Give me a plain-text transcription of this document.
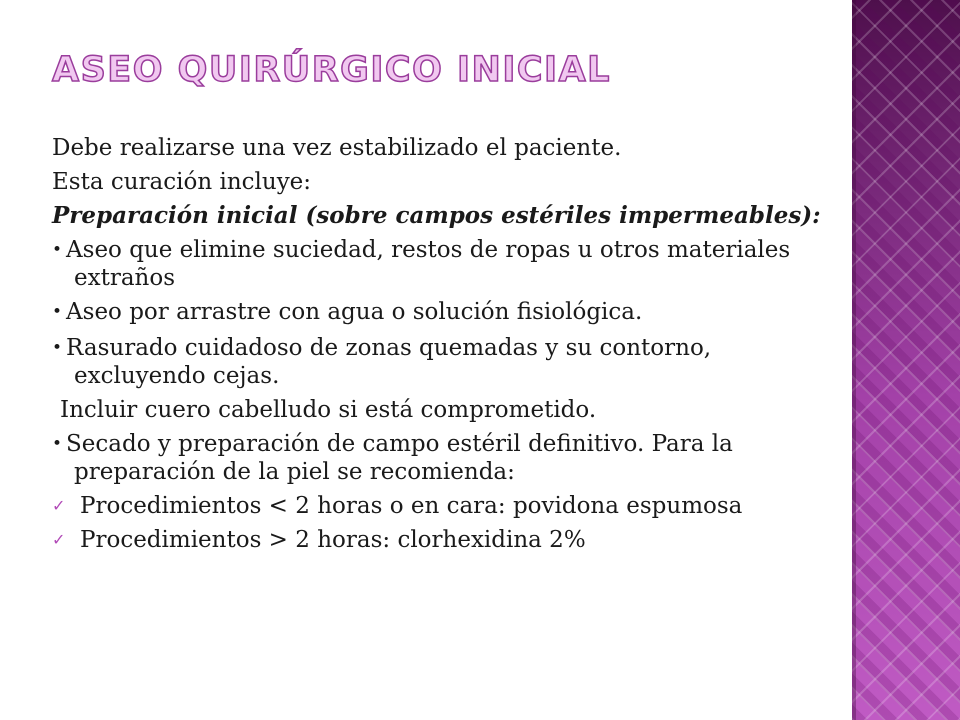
ASEO QUIRÚRGICO INICIAL
Debe realizarse una vez estabilizado el paciente.
Esta curación incluye:
Preparación inicial (sobre campos estériles impermeables):
• Aseo que elimine suciedad, restos de ropas u otros materiales extraños
• Aseo por arrastre con agua o solución fisiológica.
• Rasurado cuidadoso de zonas quemadas y su contorno, excluyendo cejas.
Incluir cuero cabelludo si está comprometido.
• Secado y preparación de campo estéril definitivo. Para la preparación de la piel se recomienda:
✓ Procedimientos < 2 horas o en cara: povidona espumosa
✓ Procedimientos > 2 horas: clorhexidina 2%
